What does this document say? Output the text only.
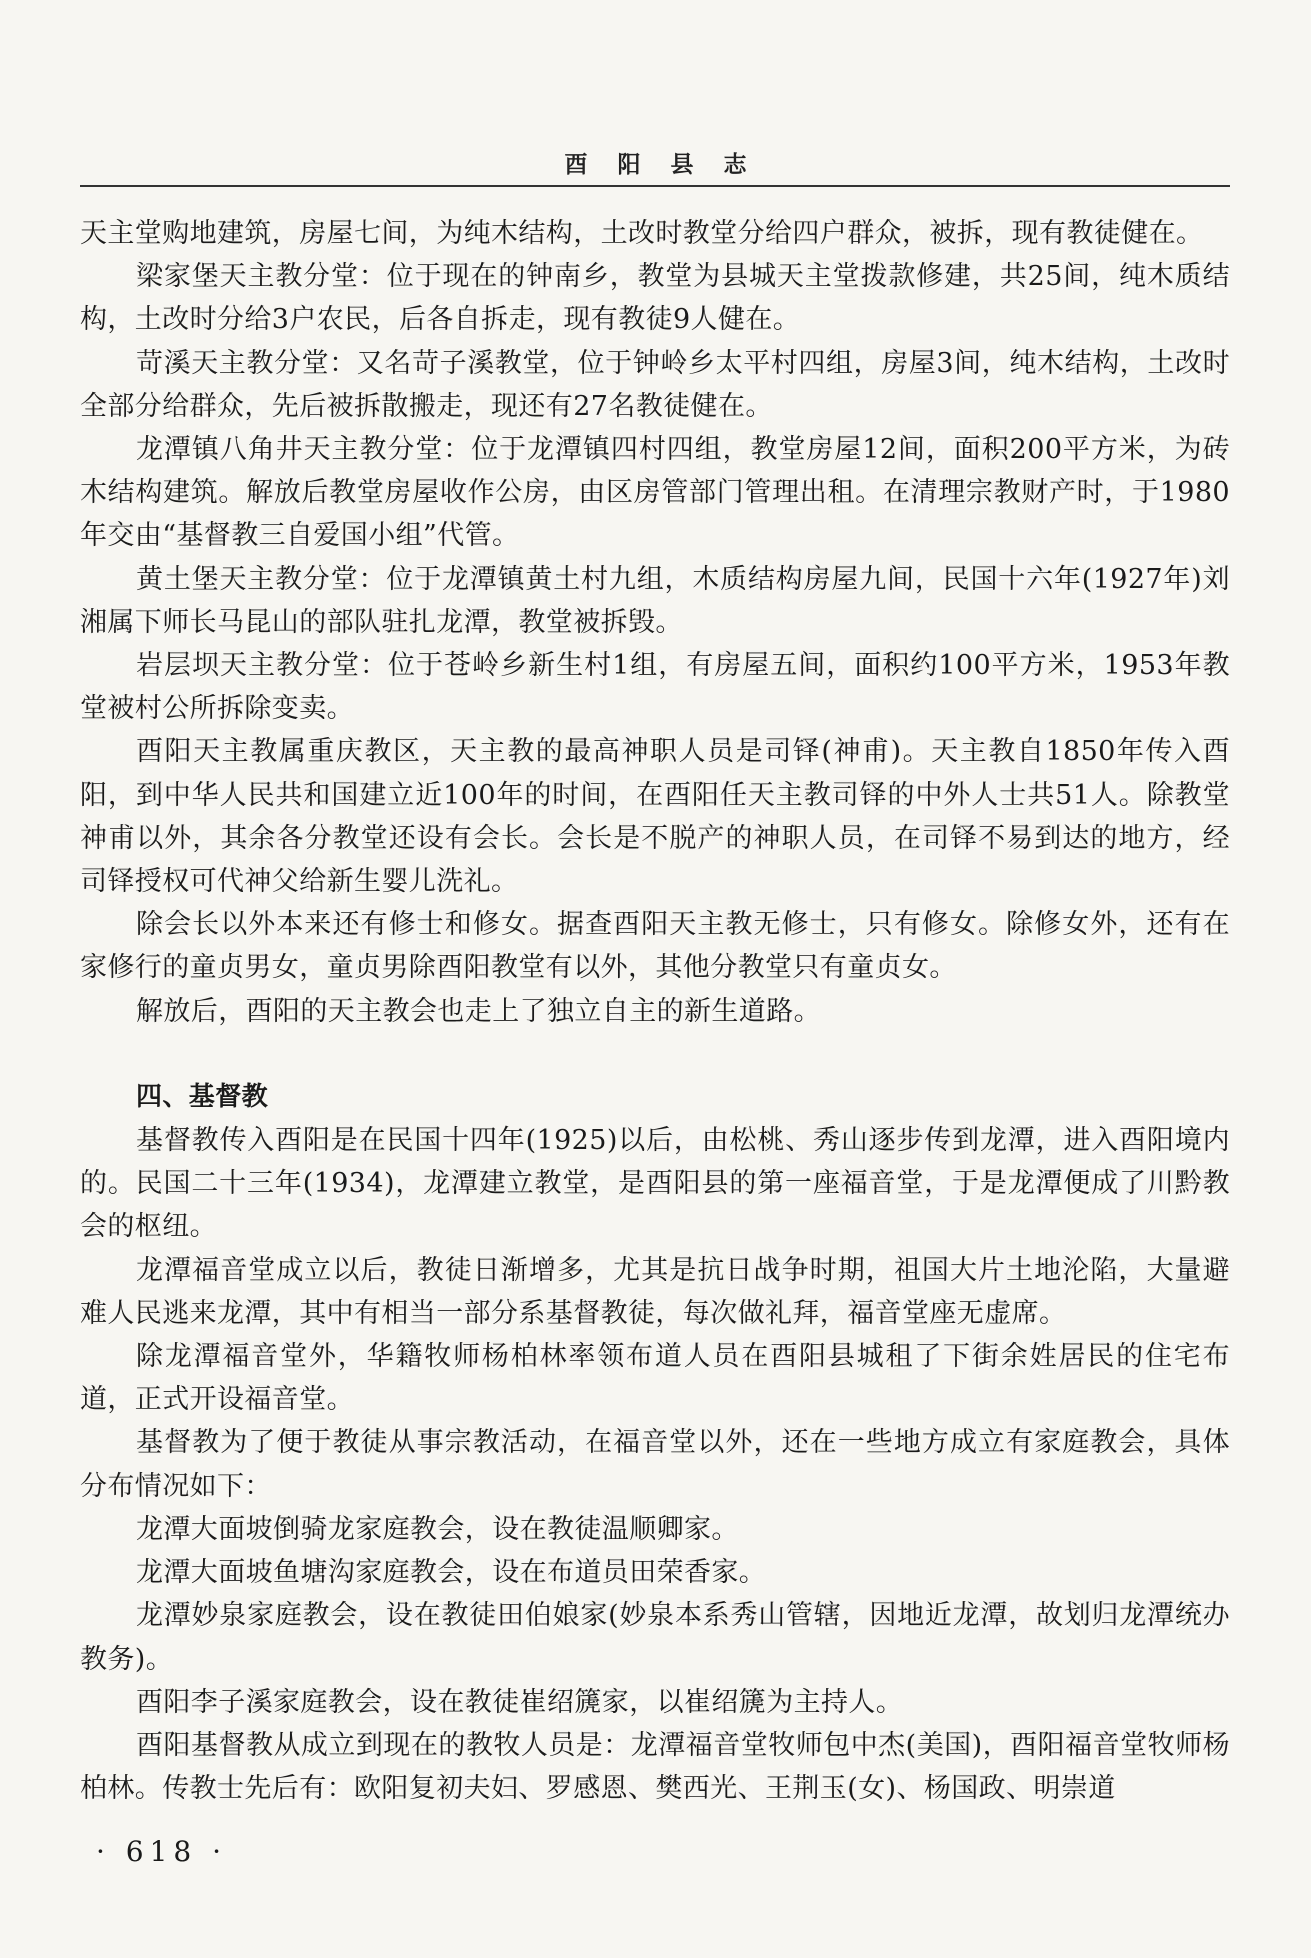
酉阳县志

天主堂购地建筑，房屋七间，为纯木结构，土改时教堂分给四户群众，被拆，现有教徒健在。

梁家堡天主教分堂：位于现在的钟南乡，教堂为县城天主堂拨款修建，共25间，纯木质结构，土改时分给3户农民，后各自拆走，现有教徒9人健在。

苛溪天主教分堂：又名苛子溪教堂，位于钟岭乡太平村四组，房屋3间，纯木结构，土改时全部分给群众，先后被拆散搬走，现还有27名教徒健在。

龙潭镇八角井天主教分堂：位于龙潭镇四村四组，教堂房屋12间，面积200平方米，为砖木结构建筑。解放后教堂房屋收作公房，由区房管部门管理出租。在清理宗教财产时，于1980年交由“基督教三自爱国小组”代管。

黄土堡天主教分堂：位于龙潭镇黄土村九组，木质结构房屋九间，民国十六年(1927年)刘湘属下师长马昆山的部队驻扎龙潭，教堂被拆毁。

岩层坝天主教分堂：位于苍岭乡新生村1组，有房屋五间，面积约100平方米，1953年教堂被村公所拆除变卖。

酉阳天主教属重庆教区，天主教的最高神职人员是司铎(神甫)。天主教自1850年传入酉阳，到中华人民共和国建立近100年的时间，在酉阳任天主教司铎的中外人士共51人。除教堂神甫以外，其余各分教堂还设有会长。会长是不脱产的神职人员，在司铎不易到达的地方，经司铎授权可代神父给新生婴儿洗礼。

除会长以外本来还有修士和修女。据查酉阳天主教无修士，只有修女。除修女外，还有在家修行的童贞男女，童贞男除酉阳教堂有以外，其他分教堂只有童贞女。

解放后，酉阳的天主教会也走上了独立自主的新生道路。

四、基督教

基督教传入酉阳是在民国十四年(1925)以后，由松桃、秀山逐步传到龙潭，进入酉阳境内的。民国二十三年(1934)，龙潭建立教堂，是酉阳县的第一座福音堂，于是龙潭便成了川黔教会的枢纽。

龙潭福音堂成立以后，教徒日渐增多，尤其是抗日战争时期，祖国大片土地沦陷，大量避难人民逃来龙潭，其中有相当一部分系基督教徒，每次做礼拜，福音堂座无虚席。

除龙潭福音堂外，华籍牧师杨柏林率领布道人员在酉阳县城租了下街余姓居民的住宅布道，正式开设福音堂。

基督教为了便于教徒从事宗教活动，在福音堂以外，还在一些地方成立有家庭教会，具体分布情况如下：

龙潭大面坡倒骑龙家庭教会，设在教徒温顺卿家。

龙潭大面坡鱼塘沟家庭教会，设在布道员田荣香家。

龙潭妙泉家庭教会，设在教徒田伯娘家(妙泉本系秀山管辖，因地近龙潭，故划归龙潭统办教务)。

酉阳李子溪家庭教会，设在教徒崔绍篪家，以崔绍篪为主持人。

酉阳基督教从成立到现在的教牧人员是：龙潭福音堂牧师包中杰(美国)，酉阳福音堂牧师杨柏林。传教士先后有：欧阳复初夫妇、罗感恩、樊西光、王荆玉(女)、杨国政、明崇道

· 618 ·
